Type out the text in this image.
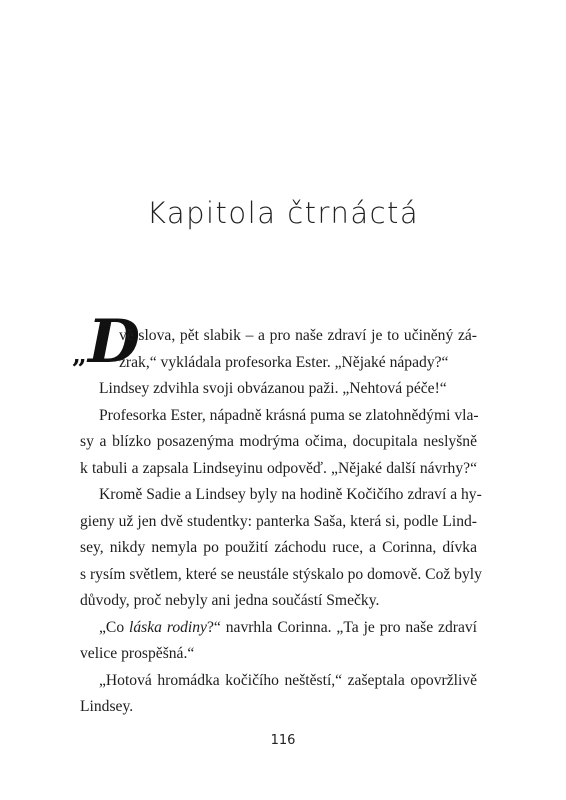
Kapitola čtrnáctá
„ D
vě slova, pět slabik – a pro naše zdraví je to učiněný zá-
zrak,“ vykládala profesorka Ester. „Nějaké nápady?“
Lindsey zdvihla svoji obvázanou paži. „Nehtová péče!“
Profesorka Ester, nápadně krásná puma se zlatohnědými vla-
sy a blízko posazenýma modrýma očima, docupitala neslyšně
k tabuli a zapsala Lindseyinu odpověď. „Nějaké další návrhy?“
Kromě Sadie a Lindsey byly na hodině Kočičího zdraví a hy-
gieny už jen dvě studentky: panterka Saša, která si, podle Lind-
sey, nikdy nemyla po použití záchodu ruce, a Corinna, dívka
s rysím světlem, které se neustále stýskalo po domově. Což byly
důvody, proč nebyly ani jedna součástí Smečky.
„Co láska rodiny?“ navrhla Corinna. „Ta je pro naše zdraví
velice prospěšná.“
„Hotová hromádka kočičího neštěstí,“ zašeptala opovržlivě
Lindsey.
116
